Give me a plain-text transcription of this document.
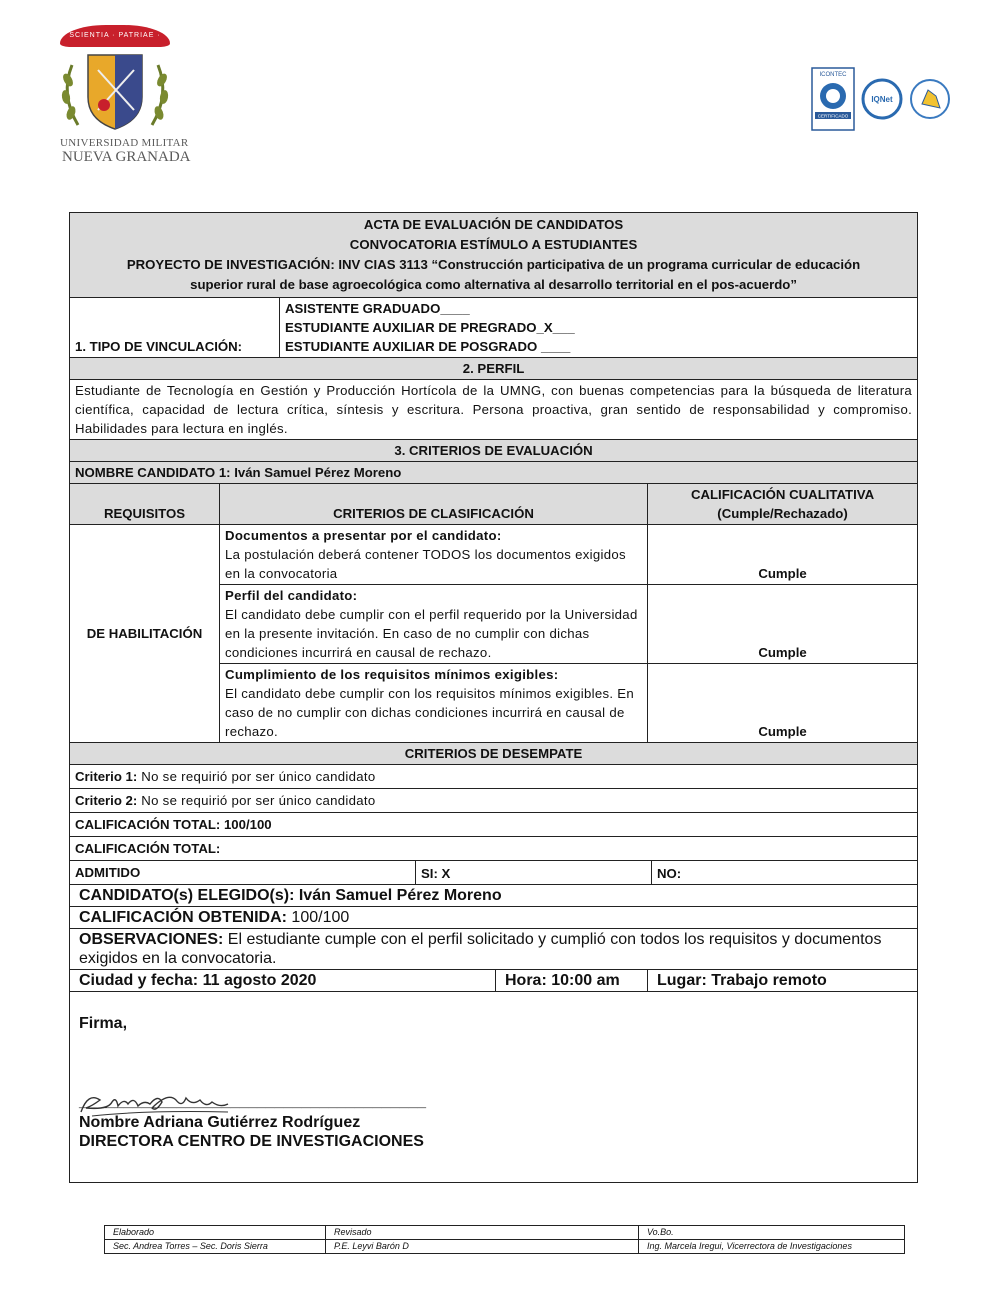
SCIENTIA · PATRIAE ·
UNIVERSIDAD MILITAR
NUEVA GRANADA
ICONTEC
CERTIFICADO
IQNet
ACTA DE EVALUACIÓN DE CANDIDATOS
CONVOCATORIA ESTÍMULO A ESTUDIANTES
PROYECTO DE INVESTIGACIÓN: INV CIAS 3113 “Construcción participativa de un programa curricular de educación superior rural de base agroecológica como alternativa al desarrollo territorial en el pos-acuerdo”						

1. TIPO DE VINCULACIÓN:		ASISTENTE GRADUADO____
ESTUDIANTE AUXILIAR DE PREGRADO_X___
ESTUDIANTE AUXILIAR DE POSGRADO ____				

2. PERFIL						
Estudiante de Tecnología en Gestión y Producción Hortícola de la UMNG, con buenas competencias para la búsqueda de literatura científica, capacidad de lectura crítica, síntesis y escritura. Persona proactiva, gran sentido de responsabilidad y compromiso. Habilidades para lectura en inglés.						
3. CRITERIOS DE EVALUACIÓN						
NOMBRE CANDIDATO 1: Iván Samuel Pérez Moreno						
REQUISITOS	CRITERIOS DE CLASIFICACIÓN				CALIFICACIÓN CUALITATIVA
(Cumple/Rechazado)	

DE HABILITACIÓN	Documentos a presentar por el candidato:
La postulación deberá contener TODOS los documentos exigidos en la convocatoria				Cumple	

	Perfil del candidato:
El candidato debe cumplir con el perfil requerido por la Universidad en la presente invitación. En caso de no cumplir con dichas condiciones incurrirá en causal de rechazo.				Cumple	

	Cumplimiento de los requisitos mínimos exigibles:
El candidato debe cumplir con los requisitos mínimos exigibles. En caso de no cumplir con dichas condiciones incurrirá en causal de rechazo.				Cumple	
CRITERIOS DE DESEMPATE						
Criterio 1: No se requirió por ser único candidato						
Criterio 2: No se requirió por ser único candidato						
CALIFICACIÓN TOTAL: 100/100						
CALIFICACIÓN TOTAL:						
ADMITIDO			SI: X			NO:
CANDIDATO(s) ELEGIDO(s): Iván Samuel Pérez Moreno						
CALIFICACIÓN OBTENIDA: 100/100						
OBSERVACIONES: El estudiante cumple con el perfil solicitado y cumplió con todos los requisitos y documentos exigidos en la convocatoria.						
Ciudad y fecha: 11 agosto 2020				Hora: 10:00 am	Lugar: Trabajo remoto	

Firma,
_______________________________________
Nombre Adriana Gutiérrez Rodríguez
DIRECTORA CENTRO DE INVESTIGACIONES						
Elaborado	Revisado	Vo.Bo.
Sec. Andrea Torres – Sec. Doris Sierra	P.E. Leyvi Barón D	Ing. Marcela Iregui, Vicerrectora de Investigaciones
